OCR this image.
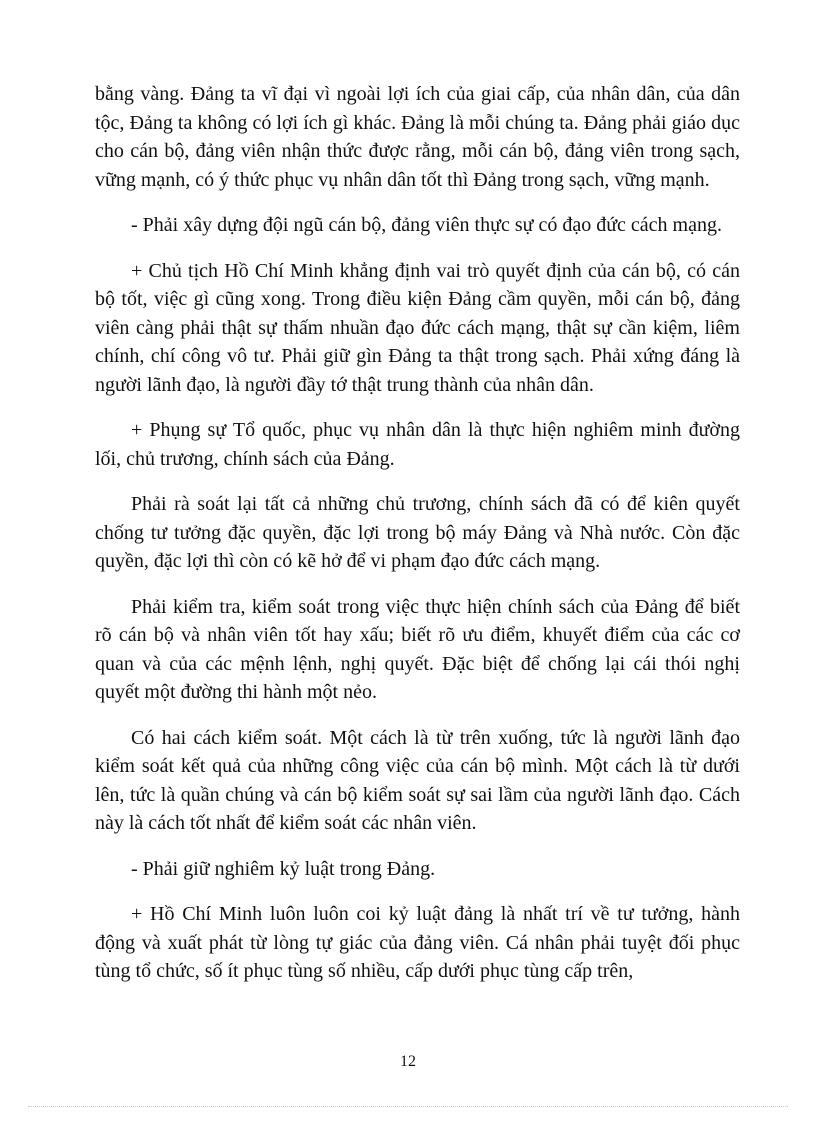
bằng vàng. Đảng ta vĩ đại vì ngoài lợi ích của giai cấp, của nhân dân, của dân tộc, Đảng ta không có lợi ích gì khác. Đảng là mỗi chúng ta. Đảng phải giáo dục cho cán bộ, đảng viên nhận thức được rằng, mỗi cán bộ, đảng viên trong sạch, vững mạnh, có ý thức phục vụ nhân dân tốt thì Đảng trong sạch, vững mạnh.

- Phải xây dựng đội ngũ cán bộ, đảng viên thực sự có đạo đức cách mạng.

+ Chủ tịch Hồ Chí Minh khẳng định vai trò quyết định của cán bộ, có cán bộ tốt, việc gì cũng xong. Trong điều kiện Đảng cầm quyền, mỗi cán bộ, đảng viên càng phải thật sự thấm nhuần đạo đức cách mạng, thật sự cần kiệm, liêm chính, chí công vô tư. Phải giữ gìn Đảng ta thật trong sạch. Phải xứng đáng là người lãnh đạo, là người đầy tớ thật trung thành của nhân dân.

+ Phụng sự Tổ quốc, phục vụ nhân dân là thực hiện nghiêm minh đường lối, chủ trương, chính sách của Đảng.

Phải rà soát lại tất cả những chủ trương, chính sách đã có để kiên quyết chống tư tưởng đặc quyền, đặc lợi trong bộ máy Đảng và Nhà nước. Còn đặc quyền, đặc lợi thì còn có kẽ hở để vi phạm đạo đức cách mạng.

Phải kiểm tra, kiểm soát trong việc thực hiện chính sách của Đảng để biết rõ cán bộ và nhân viên tốt hay xấu; biết rõ ưu điểm, khuyết điểm của các cơ quan và của các mệnh lệnh, nghị quyết. Đặc biệt để chống lại cái thói nghị quyết một đường thi hành một nẻo.

Có hai cách kiểm soát. Một cách là từ trên xuống, tức là người lãnh đạo kiểm soát kết quả của những công việc của cán bộ mình. Một cách là từ dưới lên, tức là quần chúng và cán bộ kiểm soát sự sai lầm của người lãnh đạo. Cách này là cách tốt nhất để kiểm soát các nhân viên.

- Phải giữ nghiêm kỷ luật trong Đảng.

+ Hồ Chí Minh luôn luôn coi kỷ luật đảng là nhất trí về tư tưởng, hành động và xuất phát từ lòng tự giác của đảng viên. Cá nhân phải tuyệt đối phục tùng tổ chức, số ít phục tùng số nhiều, cấp dưới phục tùng cấp trên,

12
